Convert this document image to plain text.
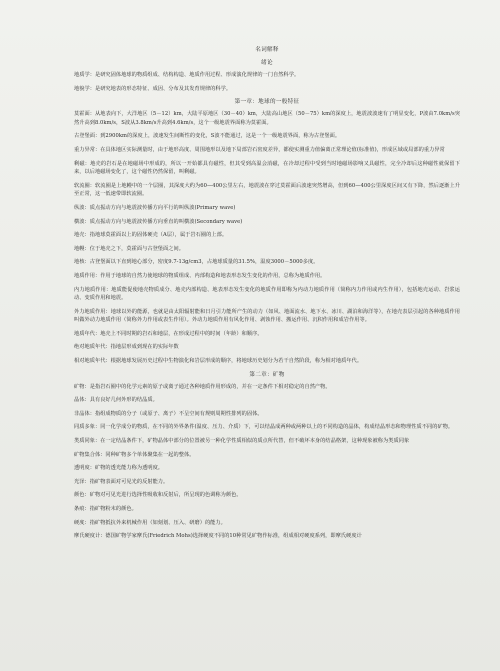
名词解释
绪论

地质学：是研究固体地球的物质组成、结构构造、地质作用过程、形成演化规律的一门自然科学。

地貌学：是研究地表的形态特征、成因、分布及其发育规律的科学。

第一章：地球的一般特征

莫霍面：从地表向下，大洋地区（5－12）km，大陆平原地区（30－40）km，大陆高山地区（50－75）km的深度上，地震波波速有了明显变化，P波由7.0km/s突然升高到8.0km/s，S波从3.8km/s升高到4.6km/s，这个一级地震界面称为莫霍面。

古登堡面：到2900km的深度上，波速发生间断性的变化，S波不能通过，这是一个一级地震界面，称为古登堡面。

重力异常：在具体地区实际测量时，由于地形高度、周围地形以及地下局部岩石密度差异，都使实测重力值偏离正常理论值(标准值)，形成区域或局部的重力异常

剩磁：地壳的岩石是在地磁场中形成的，所以一开始都具有磁性，但其受到高温会消磁，在冷却过程中受到当时地磁场影响又具磁性，完全冷却后这种磁性就保留下来，以后地磁场变化了，这个磁性仍然保留，叫剩磁。

软流圈：软流圈是上地幔中的一个层圈，其深度大约为60—400公里左右，地震波在穿过莫霍面后波速突然增高，但到60—400公里深度区间又有下降，然后逐渐上升至正常，这一低速带即软流圈。

纵波：质点振动方向与地震波传播方向平行的叫纵波(Primary wave)

横波：质点振动方向与地震波传播方向垂直的叫横波(Secondary wave)

地壳：指地球莫霍面以上的固体硬壳（A层），属于岩石圈的上部。

地幔：位于地壳之下，莫霍面与古登堡面之间。

地核：古登堡面以下直到地心部分，密度9.7-13g/cm3，占地球质量的31.5%，温度3000－5000多度。

地质作用：作用于地球的自然力使地球的物质组成、内部构造和地表形态发生变化的作用，总称为地质作用。

内力地质作用：地质能促使地壳物质成分、地壳内部构造、地表形态发生变化的地质作用即称为内动力地质作用（简称内力作用或内生作用），包括地壳运动、岩浆运动、变质作用和地震。

外力地质作用：地球以外的能源，也就是由太阳辐射能和日月引力能所产生的动力（如风、地面流水、地下水、冰川、湖泊和海洋等），在地壳表层引起的各种地质作用叫做外动力地质作用（简称外力作用或表生作用）。外动力地质作用有风化作用、剥蚀作用、搬运作用、沉积作用和成岩作用等。

地质年代：地壳上不同时期的岩石和地层，在形成过程中的时间（年龄）和顺序。

绝对地质年代：指地层形成到现在的实际年数

相对地质年代：根据地球发展历史过程中生物演化和岩层形成的顺序，将地球历史划分为若干自然阶段，称为相对地质年代。

第二章：矿物

矿物：是指岩石圈中的化学元素的原子或离子通过各种地质作用形成的，并在一定条件下相对稳定的自然产物。

晶体：具有良好几何外形的结晶质。

非晶体：指组成物质的分子（或原子、离子）不呈空间有规则周期性排列的固体。

同质多象：同一化学成分的物质，在不同的外界条件(温度、压力、介质）下，可以结晶成两种或两种以上的不同构造的晶体，构成结晶形态和物理性质不同的矿物。

类质同象：在一定结晶条件下，矿物晶体中部分的位置被另一种化学性质相似的质点所代替，但不破坏本身的结晶格架，这种现象被称为类质同象

矿物集合体：同种矿物多个单体聚集在一起的整体。

透明度：矿物的透光能力称为透明度。

光泽：指矿物表面对可见光的反射能力。

颜色：矿物对可见光进行选择性吸收和反射后，所呈现的色调称为颜色。

条痕：指矿物粉末的颜色。

硬度：指矿物抵抗外来机械作用（如刻划、压入、研磨）的能力。

摩氏硬度计：德国矿物学家摩氏(Friedrich Mohs)选择硬度不同的10种常见矿物作标准，组成相对硬度系列，即摩氏硬度计
